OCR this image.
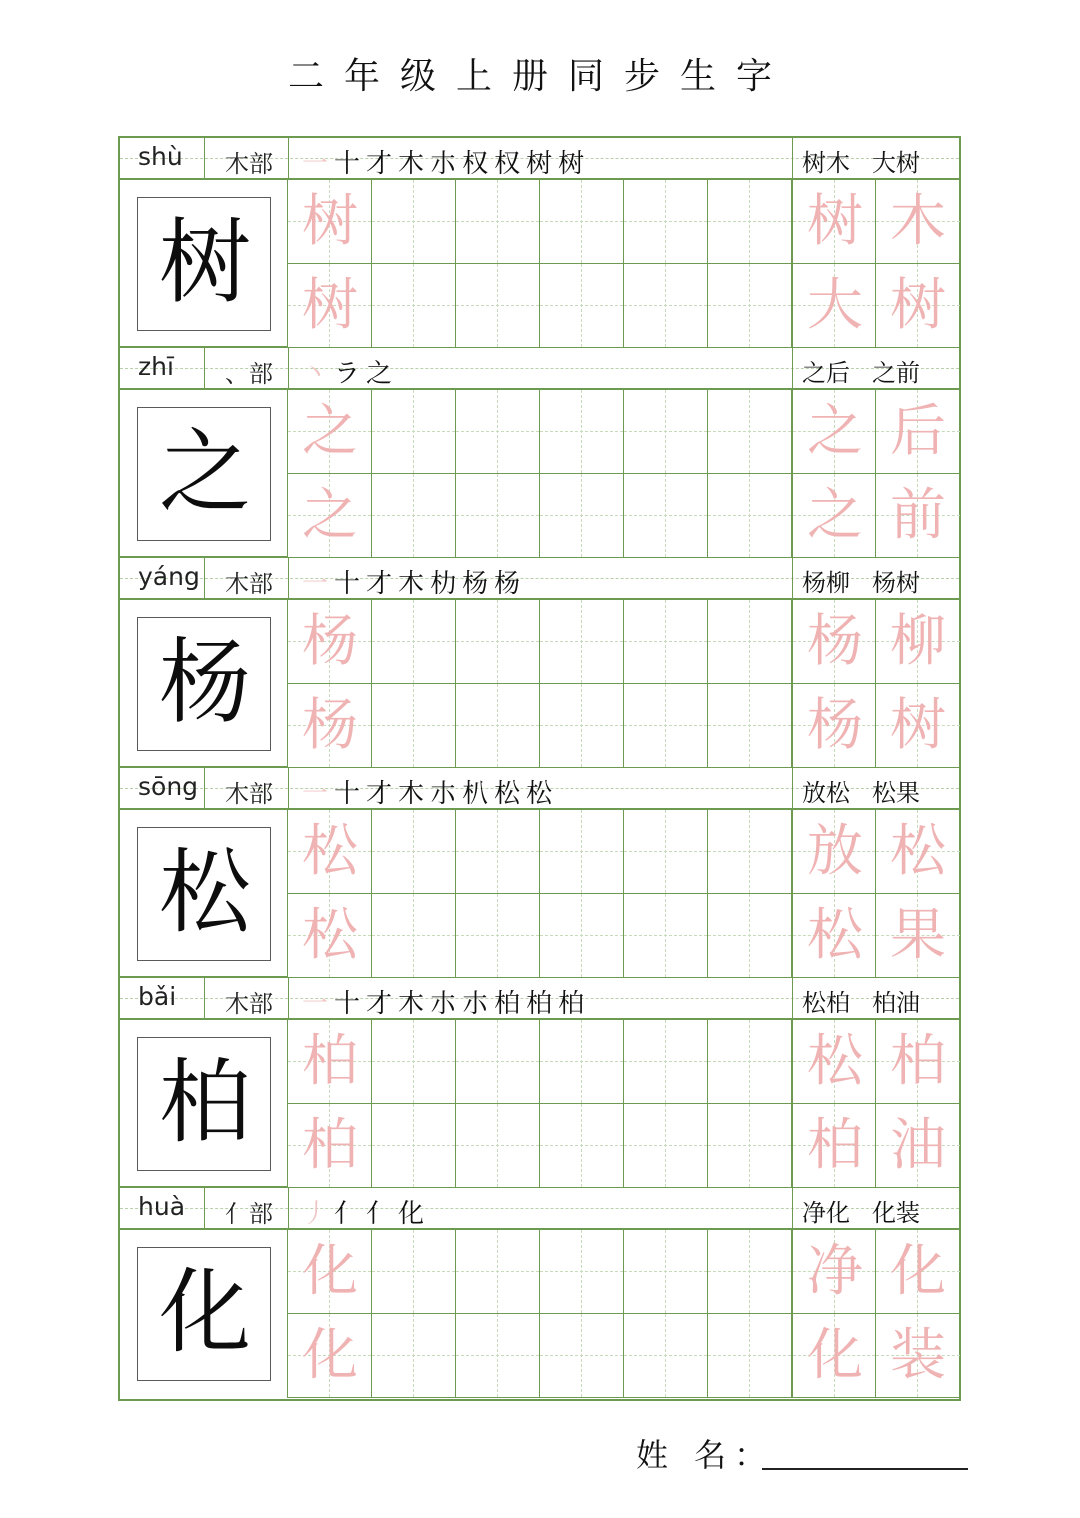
二年级上册同步生字
shù	木部	一 十 才 木 朩 权 权 树 树	树木 大树
树 树
树
树 木
大 树
zhī	、部	丶 ラ 之	之后 之前
之 之
之
之 后
之 前
yáng	木部	一 十 才 木 朸 杨 杨	杨柳 杨树
杨 杨
杨
杨 柳
杨 树
sōng	木部	一 十 才 木 朩 朳 松 松	放松 松果
松 松
松
放 松
松 果
bǎi	木部	一 十 才 木 朩 朩 柏 柏 柏	松柏 柏油
柏 柏
柏
松 柏
柏 油
huà	亻部	丿 亻 亻 化	净化 化装
化 化
化
净 化
化 装
姓 名：
